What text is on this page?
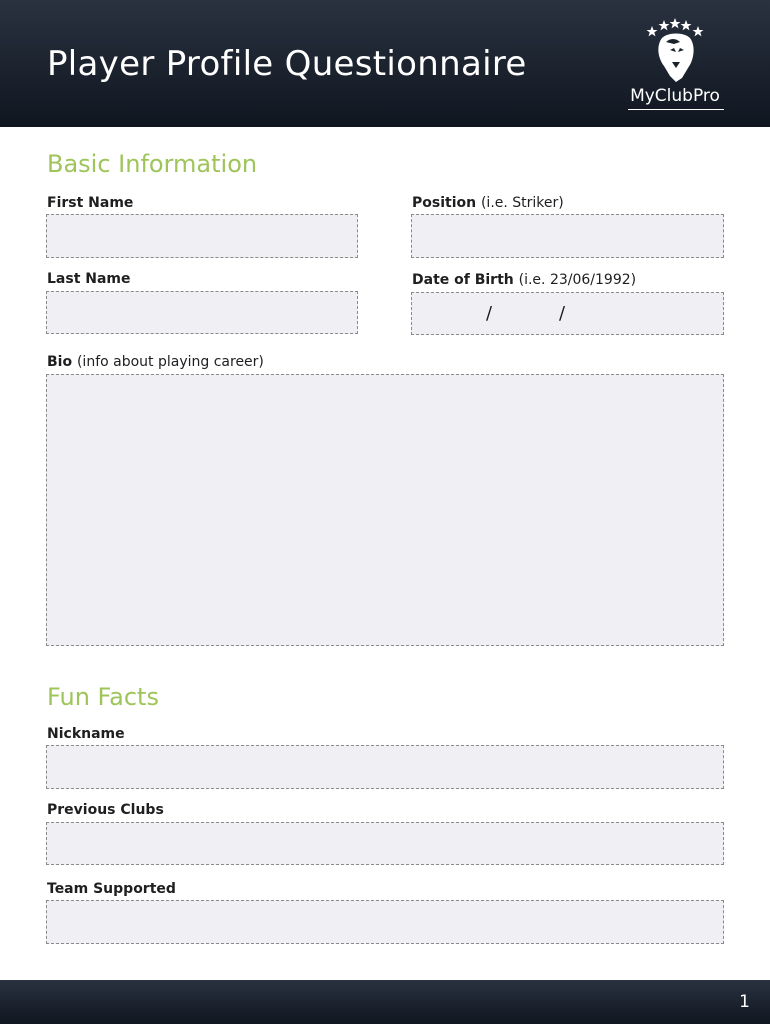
Player Profile Questionnaire
MyClubPro
Basic Information
First Name	Position (i.e. Striker)
Last Name	Date of Birth (i.e. 23/06/1992)
/	/
Bio (info about playing career)
Fun Facts
Nickname
Previous Clubs
Team Supported
1
